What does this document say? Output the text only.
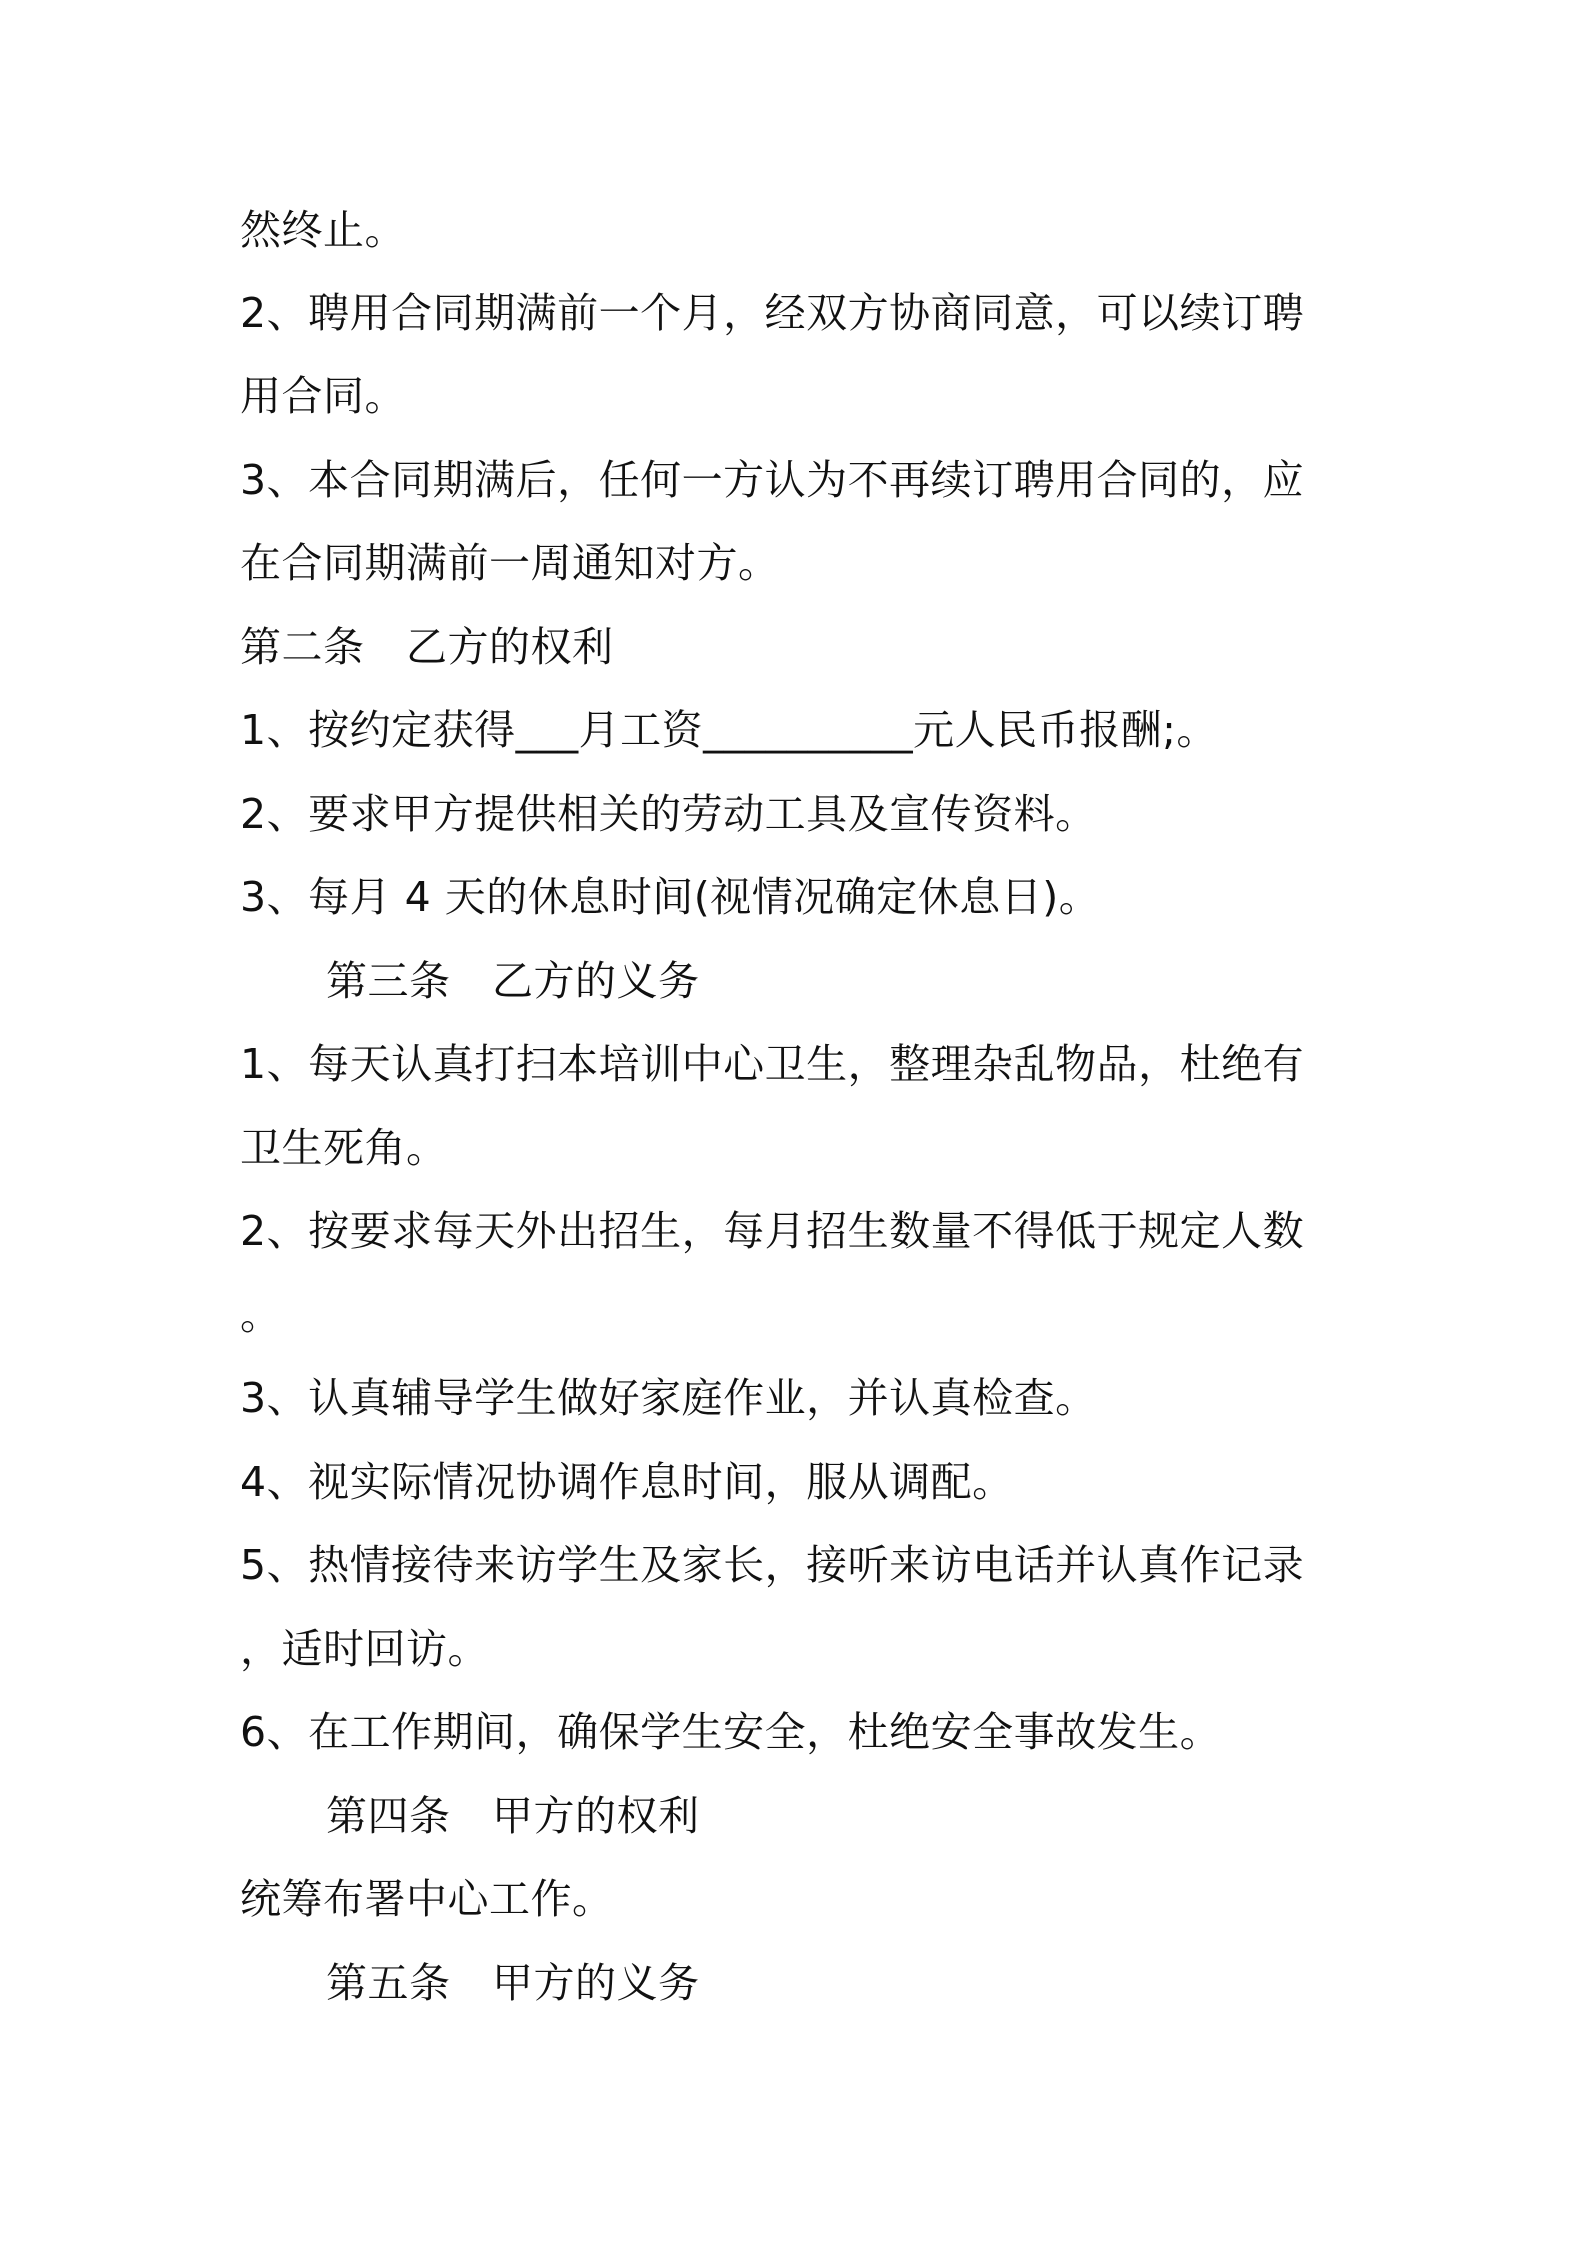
然终止。
2、聘用合同期满前一个月，经双方协商同意，可以续订聘
用合同。
3、本合同期满后，任何一方认为不再续订聘用合同的，应
在合同期满前一周通知对方。
第二条　乙方的权利
1、按约定获得___月工资__________元人民币报酬;。
2、要求甲方提供相关的劳动工具及宣传资料。
3、每月 4 天的休息时间(视情况确定休息日)。
第三条　乙方的义务
1、每天认真打扫本培训中心卫生，整理杂乱物品，杜绝有
卫生死角。
2、按要求每天外出招生，每月招生数量不得低于规定人数
。
3、认真辅导学生做好家庭作业，并认真检查。
4、视实际情况协调作息时间，服从调配。
5、热情接待来访学生及家长，接听来访电话并认真作记录
，适时回访。
6、在工作期间，确保学生安全，杜绝安全事故发生。
第四条　甲方的权利
统筹布署中心工作。
第五条　甲方的义务
